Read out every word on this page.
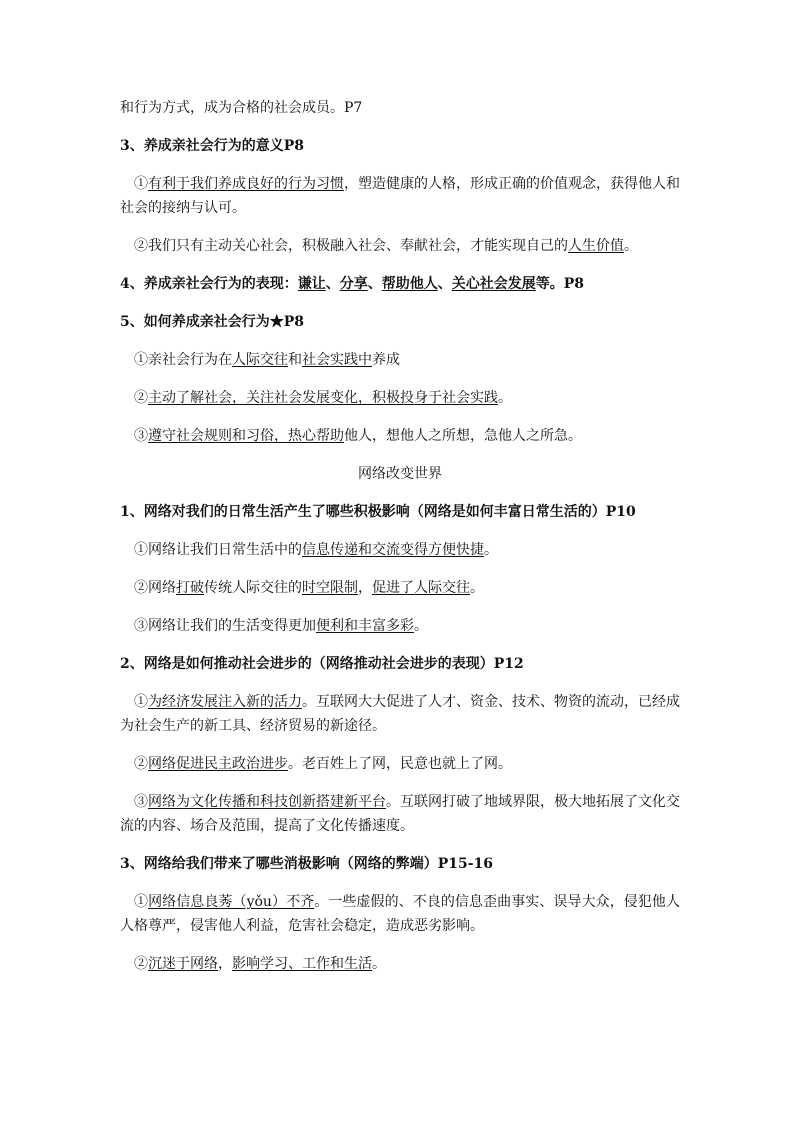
和行为方式，成为合格的社会成员。P7

3、养成亲社会行为的意义P8

①有利于我们养成良好的行为习惯，塑造健康的人格，形成正确的价值观念，获得他人和社会的接纳与认可。

②我们只有主动关心社会，积极融入社会、奉献社会，才能实现自己的人生价值。

4、养成亲社会行为的表现：谦让、分享、帮助他人、关心社会发展等。P8

5、如何养成亲社会行为★P8

①亲社会行为在人际交往和社会实践中养成

②主动了解社会，关注社会发展变化，积极投身于社会实践。

③遵守社会规则和习俗，热心帮助他人，想他人之所想，急他人之所急。

网络改变世界

1、网络对我们的日常生活产生了哪些积极影响（网络是如何丰富日常生活的）P10

①网络让我们日常生活中的信息传递和交流变得方便快捷。

②网络打破传统人际交往的时空限制，促进了人际交往。

③网络让我们的生活变得更加便利和丰富多彩。

2、网络是如何推动社会进步的（网络推动社会进步的表现）P12

①为经济发展注入新的活力。互联网大大促进了人才、资金、技术、物资的流动，已经成为社会生产的新工具、经济贸易的新途径。

②网络促进民主政治进步。老百姓上了网，民意也就上了网。

③网络为文化传播和科技创新搭建新平台。互联网打破了地域界限，极大地拓展了文化交流的内容、场合及范围，提高了文化传播速度。

3、网络给我们带来了哪些消极影响（网络的弊端）P15-16

①网络信息良莠（yǒu）不齐。一些虚假的、不良的信息歪曲事实、误导大众，侵犯他人人格尊严，侵害他人利益，危害社会稳定，造成恶劣影响。

②沉迷于网络，影响学习、工作和生活。
